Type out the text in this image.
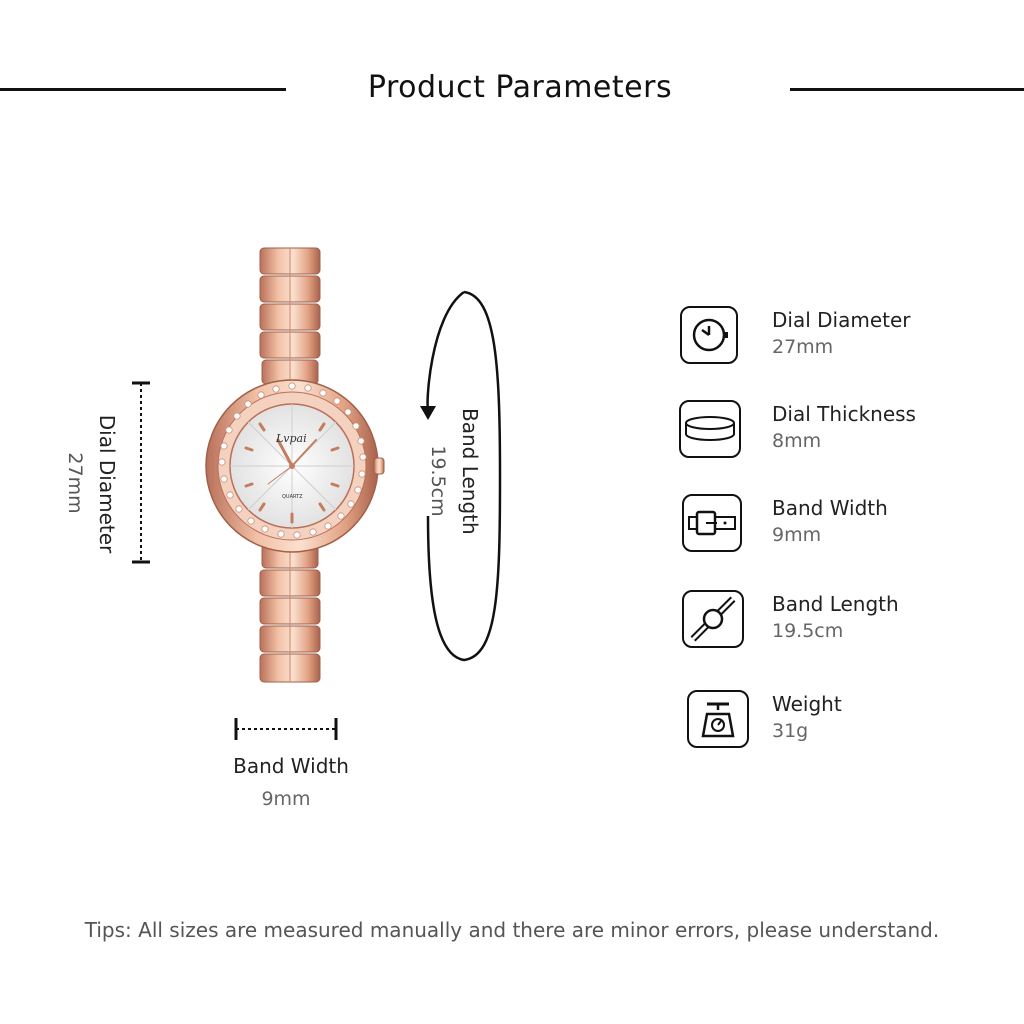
Product Parameters
Dial Diameter
27mm
Lvpai
QUARTZ	Band Length
19.5cm
Band Width
9mm
Dial Diameter
27mm
Dial Thickness
8mm
Band Width
9mm
Band Length
19.5cm
Weight
31g
Tips: All sizes are measured manually and there are minor errors, please understand.
